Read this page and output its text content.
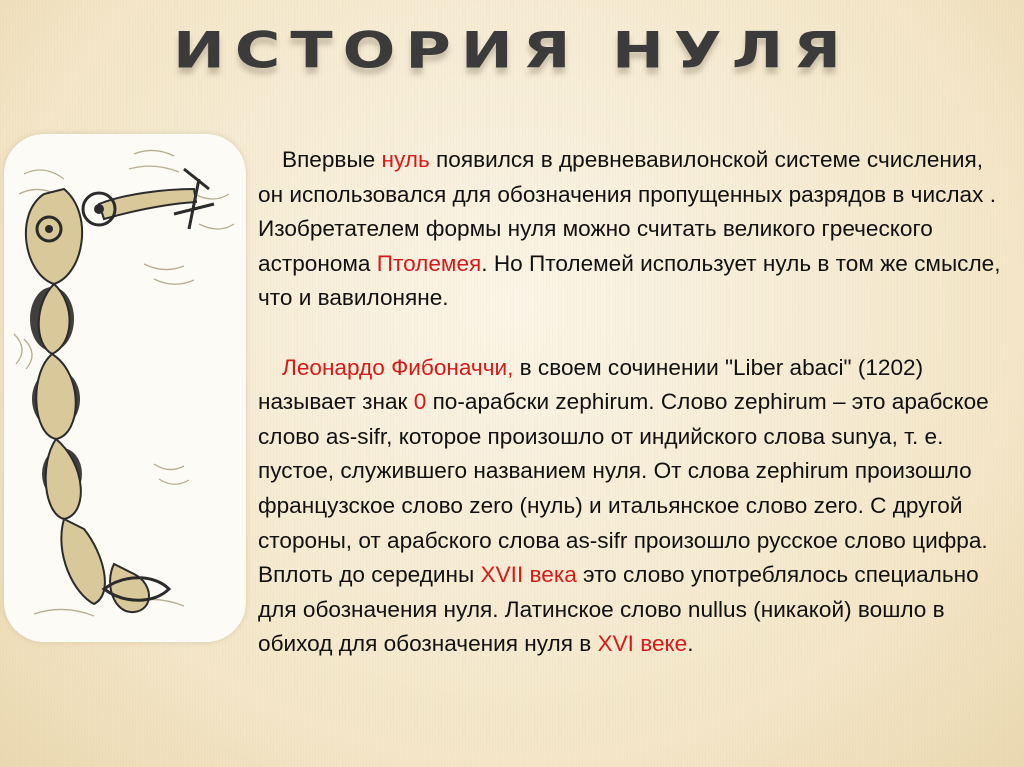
ИСТОРИЯ НУЛЯ

Впервые нуль появился в древневавилонской системе счисления, он использовался для обозначения пропущенных разрядов в числах . Изобретателем формы нуля можно считать великого греческого астронома Птолемея. Но Птолемей использует нуль в том же смысле, что и вавилоняне.

Леонардо Фибоначчи, в своем сочинении "Liber abaci" (1202) называет знак 0 по-арабски zephirum. Слово zephirum – это арабское слово as-sifr, которое произошло от индийского слова sunya, т. е. пустое, служившего названием нуля. От слова zephirum произошло французское слово zero (нуль) и итальянское слово zero. С другой стороны, от арабского слова as-sifr произошло русское слово цифра. Вплоть до середины XVII века это слово употреблялось специально для обозначения нуля. Латинское слово nullus (никакой) вошло в обиход для обозначения нуля в XVI веке.
